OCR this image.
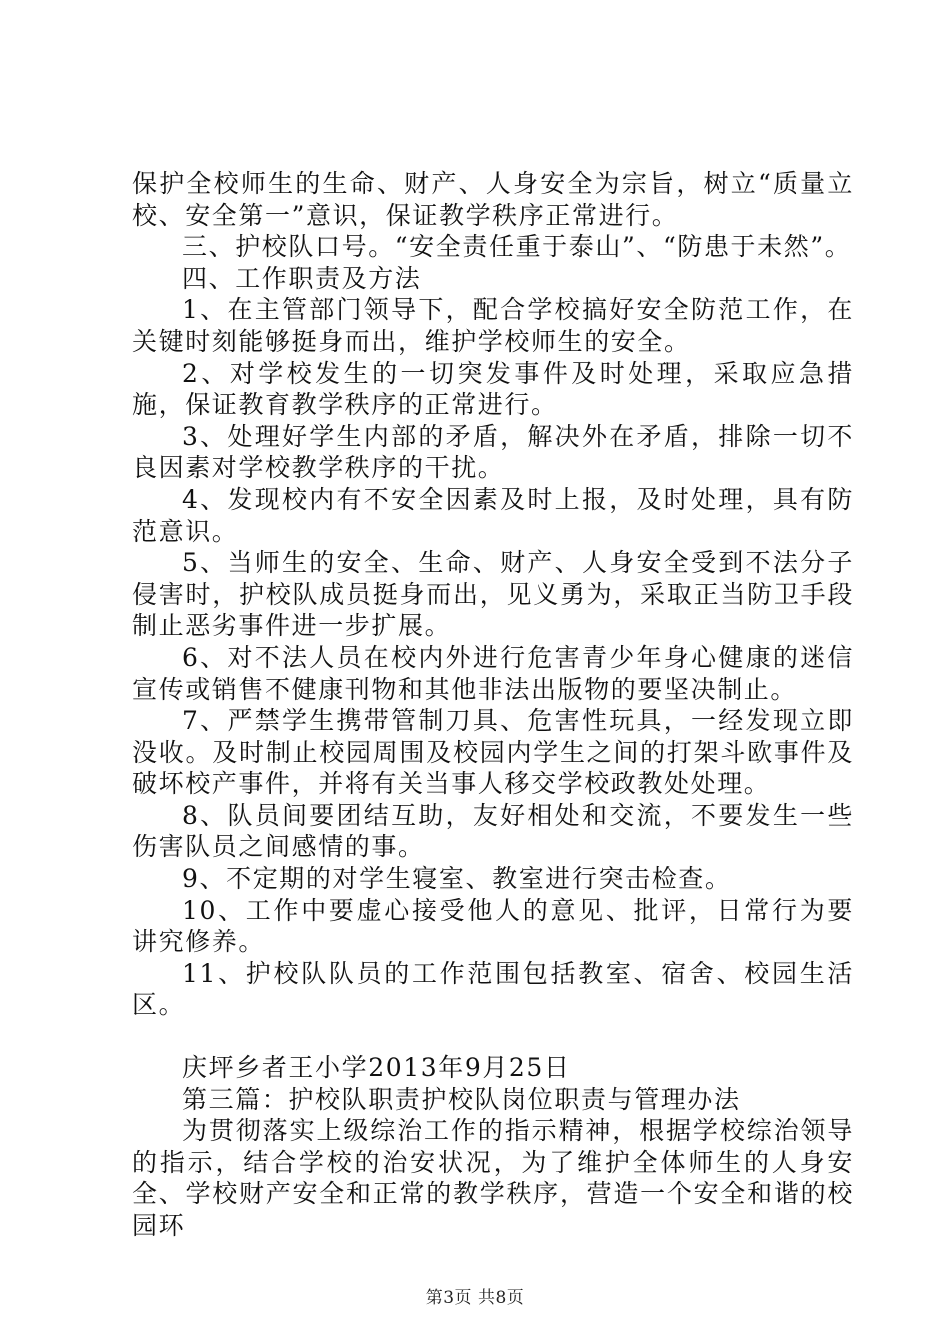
保护全校师生的生命、财产、人身安全为宗旨，树立“质量立校、安全第一”意识，保证教学秩序正常进行。

三、护校队口号。“安全责任重于泰山”、“防患于未然”。

四、工作职责及方法

1、在主管部门领导下，配合学校搞好安全防范工作，在关键时刻能够挺身而出，维护学校师生的安全。

2、对学校发生的一切突发事件及时处理，采取应急措施，保证教育教学秩序的正常进行。

3、处理好学生内部的矛盾，解决外在矛盾，排除一切不良因素对学校教学秩序的干扰。

4、发现校内有不安全因素及时上报，及时处理，具有防范意识。

5、当师生的安全、生命、财产、人身安全受到不法分子侵害时，护校队成员挺身而出，见义勇为，采取正当防卫手段制止恶劣事件进一步扩展。

6、对不法人员在校内外进行危害青少年身心健康的迷信宣传或销售不健康刊物和其他非法出版物的要坚决制止。

7、严禁学生携带管制刀具、危害性玩具，一经发现立即没收。及时制止校园周围及校园内学生之间的打架斗欧事件及破坏校产事件，并将有关当事人移交学校政教处处理。

8、队员间要团结互助，友好相处和交流，不要发生一些伤害队员之间感情的事。

9、不定期的对学生寝室、教室进行突击检查。

10、工作中要虚心接受他人的意见、批评，日常行为要讲究修养。

11、护校队队员的工作范围包括教室、宿舍、校园生活区。

庆坪乡者王小学2013年9月25日

第三篇：护校队职责护校队岗位职责与管理办法

为贯彻落实上级综治工作的指示精神，根据学校综治领导的指示，结合学校的治安状况，为了维护全体师生的人身安全、学校财产安全和正常的教学秩序，营造一个安全和谐的校园环

第3页 共8页
